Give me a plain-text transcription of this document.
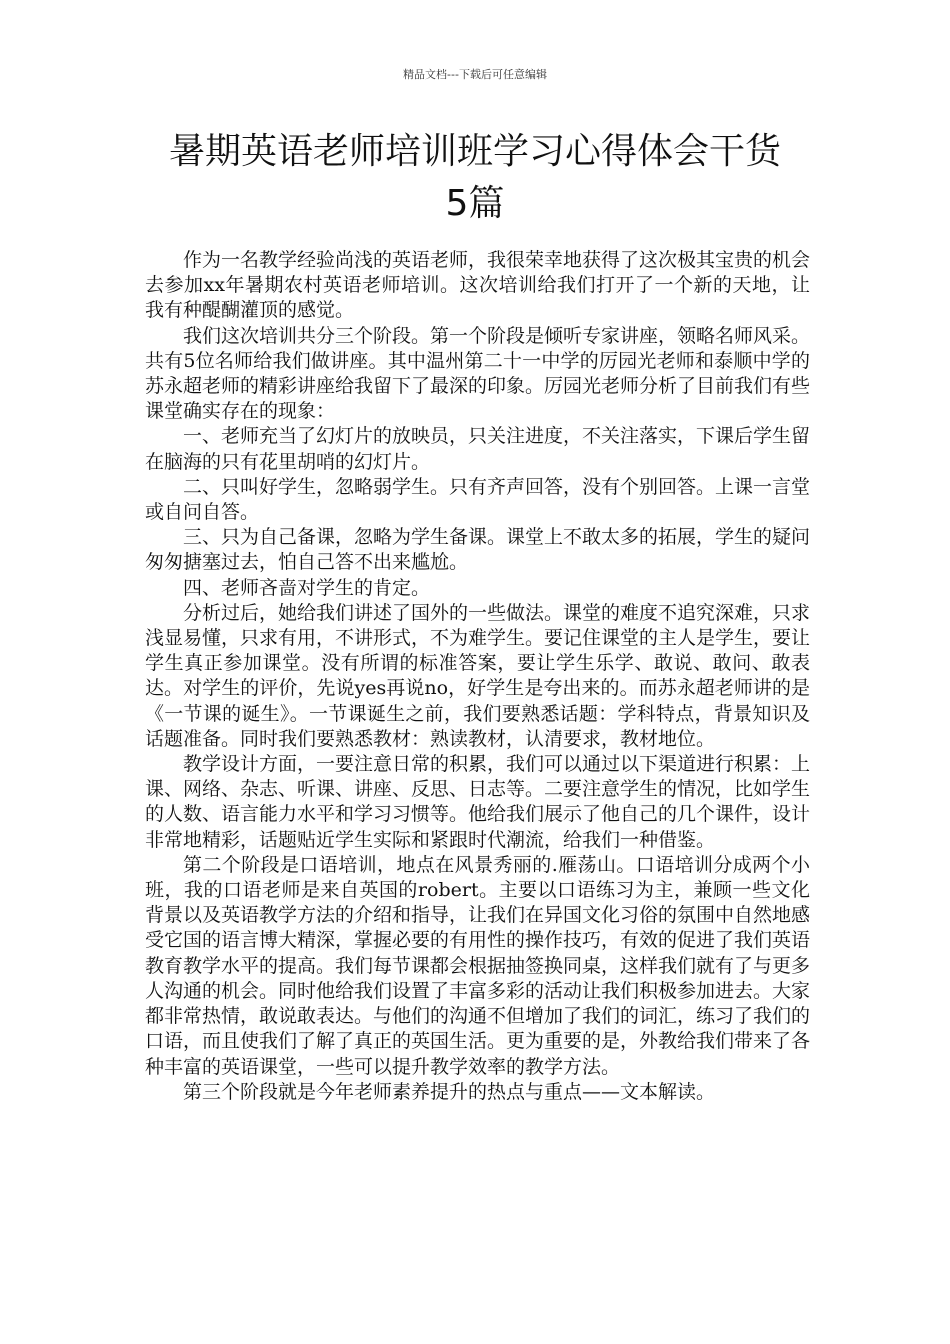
精品文档---下载后可任意编辑
暑期英语老师培训班学习心得体会干货
5篇

作为一名教学经验尚浅的英语老师，我很荣幸地获得了这次极其宝贵的机会去参加xx年暑期农村英语老师培训。这次培训给我们打开了一个新的天地，让我有种醍醐灌顶的感觉。

我们这次培训共分三个阶段。第一个阶段是倾听专家讲座，领略名师风采。共有5位名师给我们做讲座。其中温州第二十一中学的厉园光老师和泰顺中学的苏永超老师的精彩讲座给我留下了最深的印象。厉园光老师分析了目前我们有些课堂确实存在的现象：

一、老师充当了幻灯片的放映员，只关注进度，不关注落实，下课后学生留在脑海的只有花里胡哨的幻灯片。

二、只叫好学生，忽略弱学生。只有齐声回答，没有个别回答。上课一言堂或自问自答。

三、只为自己备课，忽略为学生备课。课堂上不敢太多的拓展，学生的疑问匆匆搪塞过去，怕自己答不出来尴尬。

四、老师吝啬对学生的肯定。

分析过后，她给我们讲述了国外的一些做法。课堂的难度不追究深难，只求浅显易懂，只求有用，不讲形式，不为难学生。要记住课堂的主人是学生，要让学生真正参加课堂。没有所谓的标准答案，要让学生乐学、敢说、敢问、敢表达。对学生的评价，先说yes再说no，好学生是夸出来的。而苏永超老师讲的是《一节课的诞生》。一节课诞生之前，我们要熟悉话题：学科特点，背景知识及话题准备。同时我们要熟悉教材：熟读教材，认清要求，教材地位。

教学设计方面，一要注意日常的积累，我们可以通过以下渠道进行积累：上课、网络、杂志、听课、讲座、反思、日志等。二要注意学生的情况，比如学生的人数、语言能力水平和学习习惯等。他给我们展示了他自己的几个课件，设计非常地精彩，话题贴近学生实际和紧跟时代潮流，给我们一种借鉴。

第二个阶段是口语培训，地点在风景秀丽的.雁荡山。口语培训分成两个小班，我的口语老师是来自英国的robert。主要以口语练习为主，兼顾一些文化背景以及英语教学方法的介绍和指导，让我们在异国文化习俗的氛围中自然地感受它国的语言博大精深，掌握必要的有用性的操作技巧，有效的促进了我们英语教育教学水平的提高。我们每节课都会根据抽签换同桌，这样我们就有了与更多人沟通的机会。同时他给我们设置了丰富多彩的活动让我们积极参加进去。大家都非常热情，敢说敢表达。与他们的沟通不但增加了我们的词汇，练习了我们的口语，而且使我们了解了真正的英国生活。更为重要的是，外教给我们带来了各种丰富的英语课堂，一些可以提升教学效率的教学方法。

第三个阶段就是今年老师素养提升的热点与重点——文本解读。
